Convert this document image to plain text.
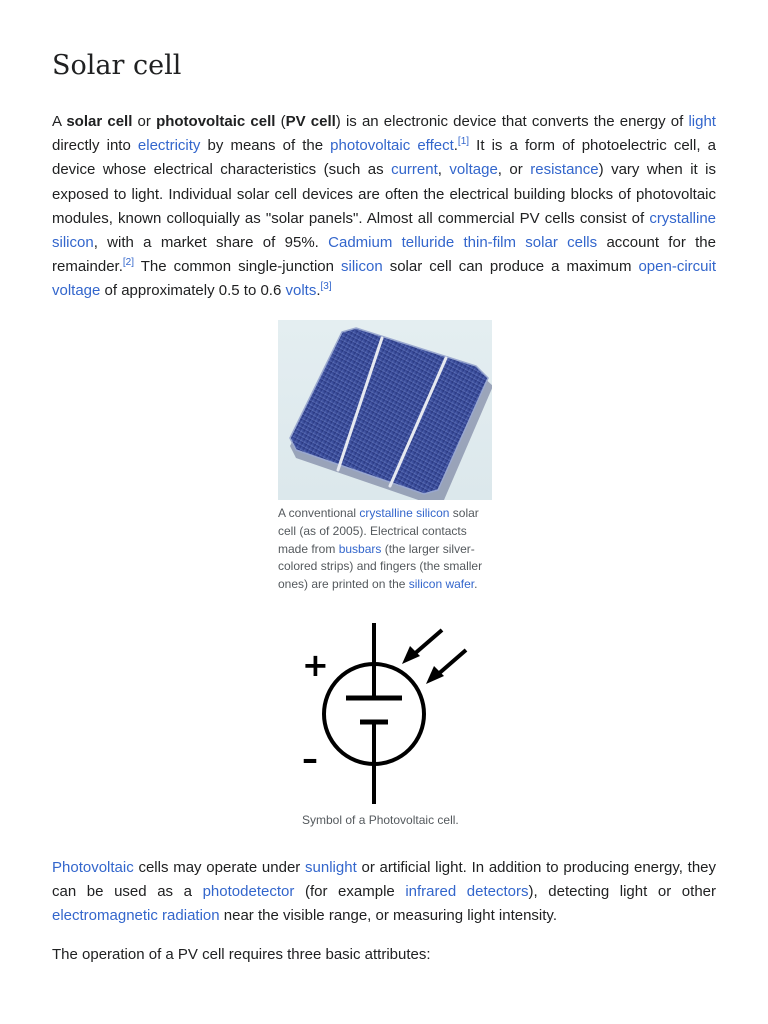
Solar cell

A solar cell or photovoltaic cell (PV cell) is an electronic device that converts the energy of light directly into electricity by means of the photovoltaic effect.[1] It is a form of photoelectric cell, a device whose electrical characteristics (such as current, voltage, or resistance) vary when it is exposed to light. Individual solar cell devices are often the electrical building blocks of photovoltaic modules, known colloquially as "solar panels". Almost all commercial PV cells consist of crystalline silicon, with a market share of 95%. Cadmium telluride thin-film solar cells account for the remainder.[2] The common single-junction silicon solar cell can produce a maximum open-circuit voltage of approximately 0.5 to 0.6 volts.[3]

A conventional crystalline silicon solar cell (as of 2005). Electrical contacts made from busbars (the larger silver-colored strips) and fingers (the smaller ones) are printed on the silicon wafer.

+
–

Symbol of a Photovoltaic cell.

Photovoltaic cells may operate under sunlight or artificial light. In addition to producing energy, they can be used as a photodetector (for example infrared detectors), detecting light or other electromagnetic radiation near the visible range, or measuring light intensity.

The operation of a PV cell requires three basic attributes:
